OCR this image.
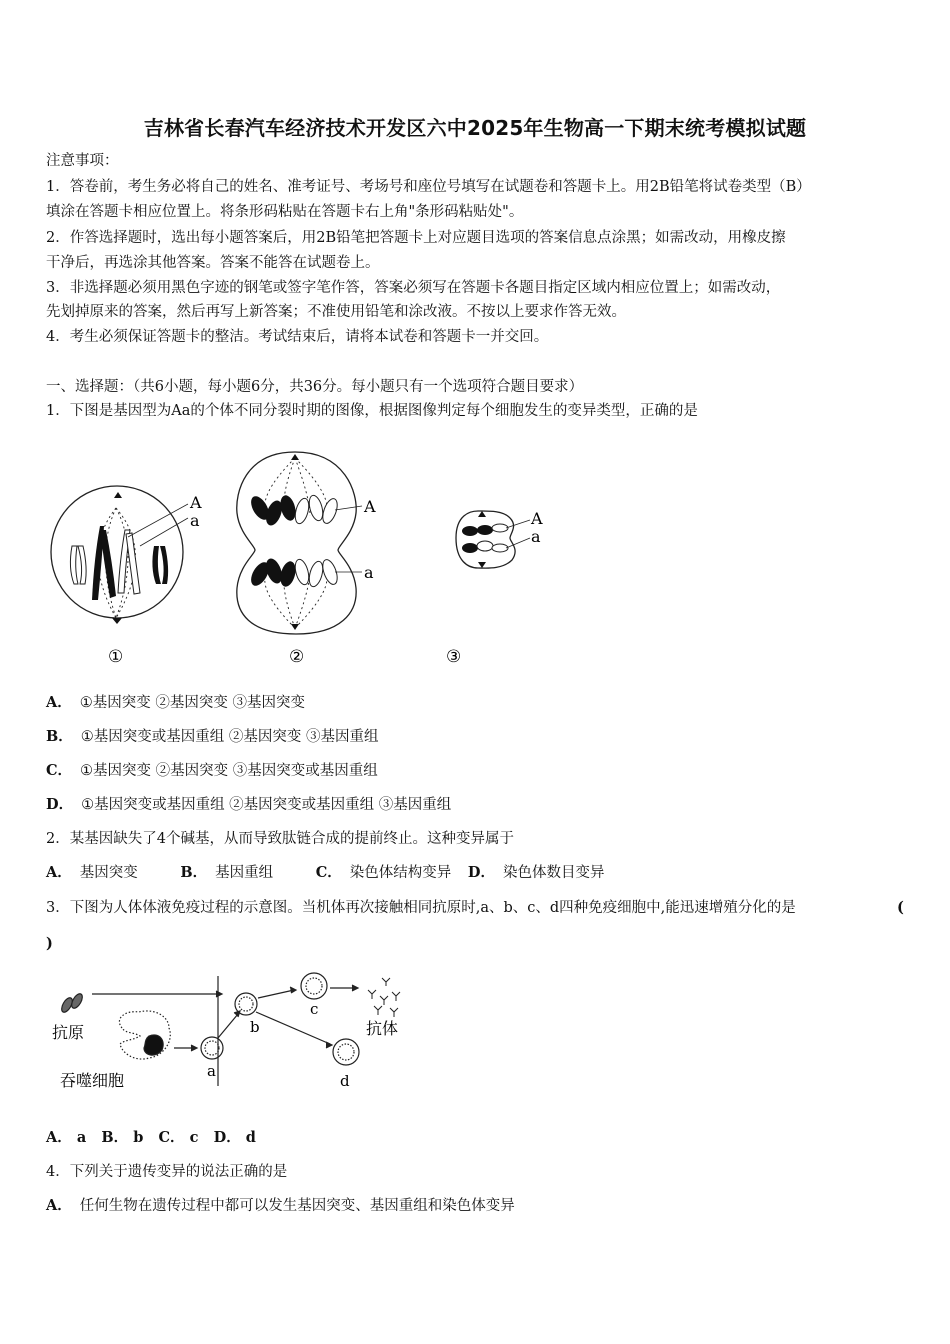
吉林省长春汽车经济技术开发区六中2025年生物高一下期末统考模拟试题
注意事项：
1．答卷前，考生务必将自己的姓名、准考证号、考场号和座位号填写在试题卷和答题卡上。用2B铅笔将试卷类型（B）
填涂在答题卡相应位置上。将条形码粘贴在答题卡右上角"条形码粘贴处"。
2．作答选择题时，选出每小题答案后，用2B铅笔把答题卡上对应题目选项的答案信息点涂黑；如需改动，用橡皮擦
干净后，再选涂其他答案。答案不能答在试题卷上。
3．非选择题必须用黑色字迹的钢笔或签字笔作答，答案必须写在答题卡各题目指定区域内相应位置上；如需改动，
先划掉原来的答案，然后再写上新答案；不准使用铅笔和涂改液。不按以上要求作答无效。
4．考生必须保证答题卡的整洁。考试结束后，请将本试卷和答题卡一并交回。
一、选择题：（共6小题，每小题6分，共36分。每小题只有一个选项符合题目要求）
1．下图是基因型为Aa的个体不同分裂时期的图像，根据图像判定每个细胞发生的变异类型，正确的是
A
a
A
a
A
a
①	②	③
A． ①基因突变 ②基因突变 ③基因突变
B． ①基因突变或基因重组 ②基因突变 ③基因重组
C． ①基因突变 ②基因突变 ③基因突变或基因重组
D． ①基因突变或基因重组 ②基因突变或基因重组 ③基因重组
2．某基因缺失了4个碱基，从而导致肽链合成的提前终止。这种变异属于
A． 基因突变	B． 基因重组	C． 染色体结构变异 D． 染色体数目变异
3．下图为人体体液免疫过程的示意图。当机体再次接触相同抗原时,a、b、c、d四种免疫细胞中,能迅速增殖分化的是	(
)
抗原
吞噬细胞
抗体
a
b
c
d
A． a B． b C． c D． d
4．下列关于遗传变异的说法正确的是
A． 任何生物在遗传过程中都可以发生基因突变、基因重组和染色体变异
